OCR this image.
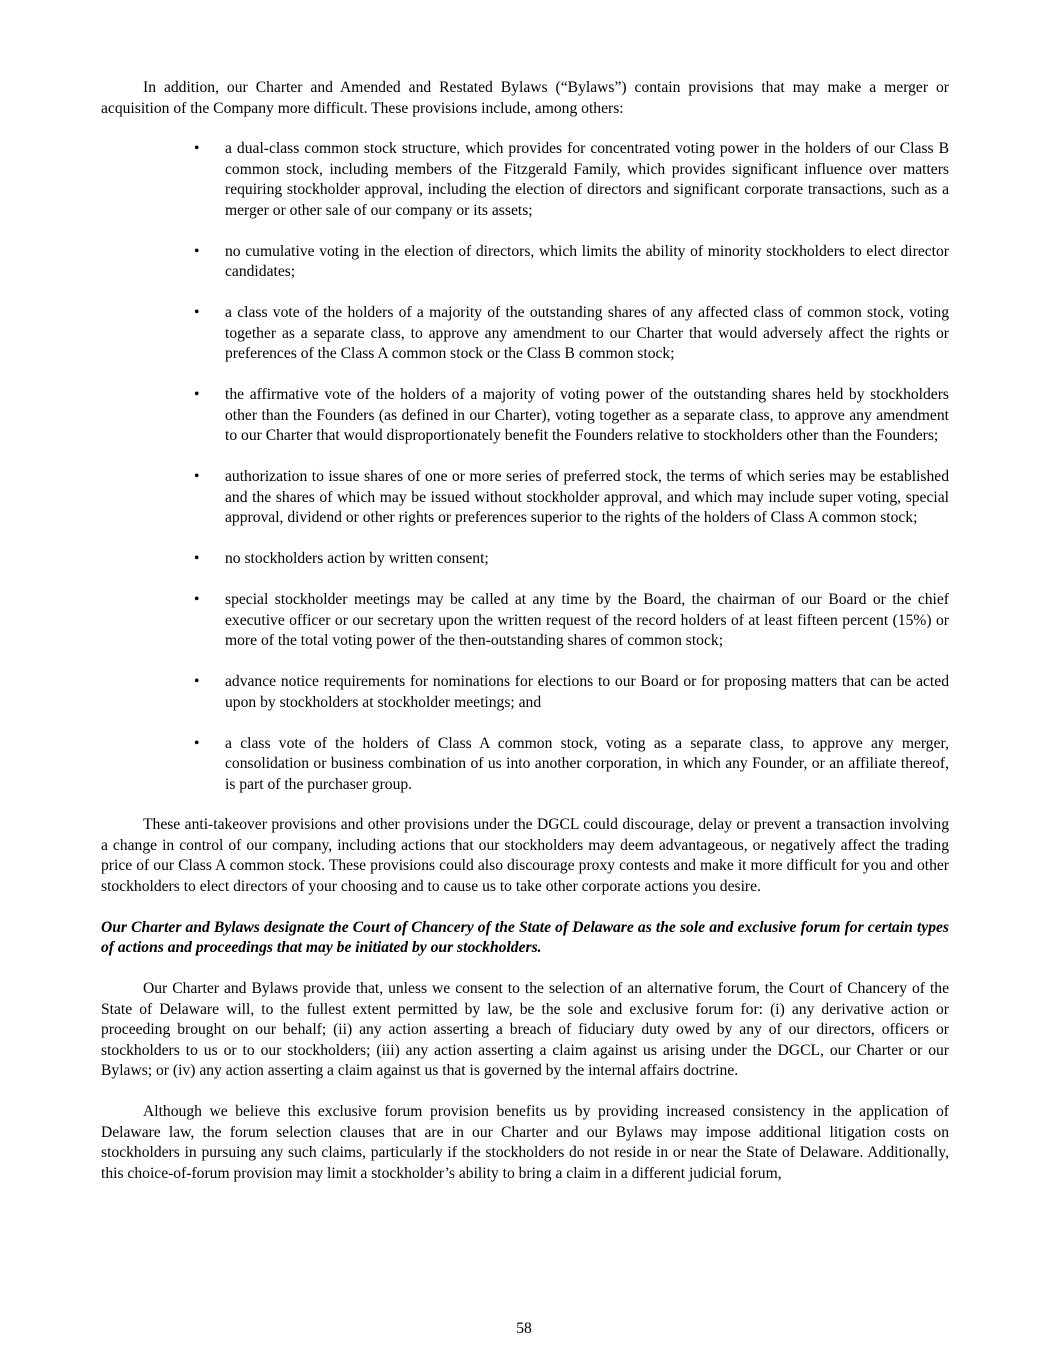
In addition, our Charter and Amended and Restated Bylaws (“Bylaws”) contain provisions that may make a merger or acquisition of the Company more difficult. These provisions include, among others:

• a dual-class common stock structure, which provides for concentrated voting power in the holders of our Class B common stock, including members of the Fitzgerald Family, which provides significant influence over matters requiring stockholder approval, including the election of directors and significant corporate transactions, such as a merger or other sale of our company or its assets;
• no cumulative voting in the election of directors, which limits the ability of minority stockholders to elect director candidates;
• a class vote of the holders of a majority of the outstanding shares of any affected class of common stock, voting together as a separate class, to approve any amendment to our Charter that would adversely affect the rights or preferences of the Class A common stock or the Class B common stock;
• the affirmative vote of the holders of a majority of voting power of the outstanding shares held by stockholders other than the Founders (as defined in our Charter), voting together as a separate class, to approve any amendment to our Charter that would disproportionately benefit the Founders relative to stockholders other than the Founders;
• authorization to issue shares of one or more series of preferred stock, the terms of which series may be established and the shares of which may be issued without stockholder approval, and which may include super voting, special approval, dividend or other rights or preferences superior to the rights of the holders of Class A common stock;
• no stockholders action by written consent;
• special stockholder meetings may be called at any time by the Board, the chairman of our Board or the chief executive officer or our secretary upon the written request of the record holders of at least fifteen percent (15%) or more of the total voting power of the then-outstanding shares of common stock;
• advance notice requirements for nominations for elections to our Board or for proposing matters that can be acted upon by stockholders at stockholder meetings; and
• a class vote of the holders of Class A common stock, voting as a separate class, to approve any merger, consolidation or business combination of us into another corporation, in which any Founder, or an affiliate thereof, is part of the purchaser group.

These anti-takeover provisions and other provisions under the DGCL could discourage, delay or prevent a transaction involving a change in control of our company, including actions that our stockholders may deem advantageous, or negatively affect the trading price of our Class A common stock. These provisions could also discourage proxy contests and make it more difficult for you and other stockholders to elect directors of your choosing and to cause us to take other corporate actions you desire.

Our Charter and Bylaws designate the Court of Chancery of the State of Delaware as the sole and exclusive forum for certain types of actions and proceedings that may be initiated by our stockholders.

Our Charter and Bylaws provide that, unless we consent to the selection of an alternative forum, the Court of Chancery of the State of Delaware will, to the fullest extent permitted by law, be the sole and exclusive forum for: (i) any derivative action or proceeding brought on our behalf; (ii) any action asserting a breach of fiduciary duty owed by any of our directors, officers or stockholders to us or to our stockholders; (iii) any action asserting a claim against us arising under the DGCL, our Charter or our Bylaws; or (iv) any action asserting a claim against us that is governed by the internal affairs doctrine.

Although we believe this exclusive forum provision benefits us by providing increased consistency in the application of Delaware law, the forum selection clauses that are in our Charter and our Bylaws may impose additional litigation costs on stockholders in pursuing any such claims, particularly if the stockholders do not reside in or near the State of Delaware. Additionally, this choice-of-forum provision may limit a stockholder’s ability to bring a claim in a different judicial forum,

58
